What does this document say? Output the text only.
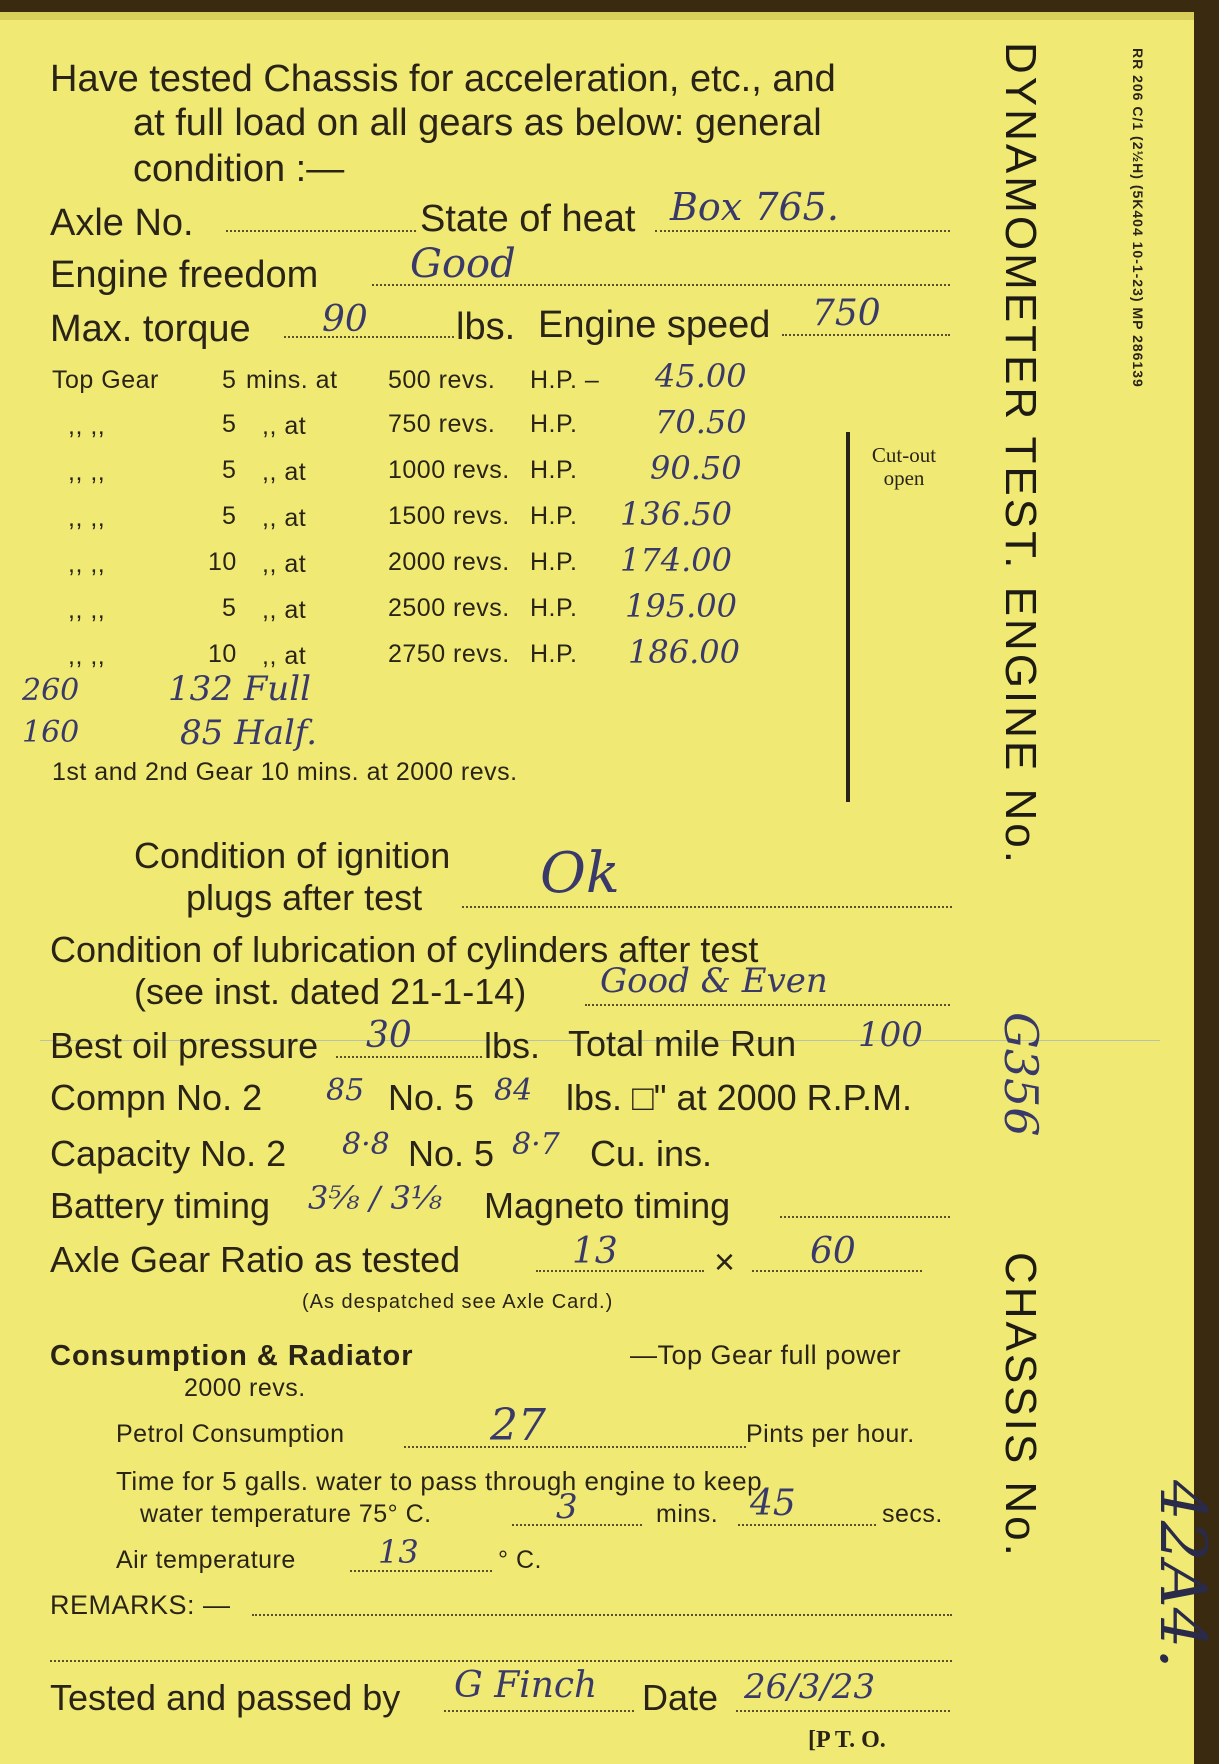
Have tested Chassis for acceleration, etc., and
at full load on all gears as below: general
condition :—
Axle No.	State of heat Box 765.
Engine freedom Good
Max. torque 90 lbs. Engine speed 750
Top Gear	5 mins. at 500 revs. H.P. – 45.00
,, ,,	5 ,, at	750 revs. H.P. 70.50
,, ,,	5 ,, at	1000 revs. H.P. 90.50
,, ,,	5 ,, at	1500 revs. H.P. 136.50
,, ,,	10 ,, at	2000 revs. H.P. 174.00
,, ,,	5 ,, at	2500 revs. H.P. 195.00
,, ,,	10 ,, at	2750 revs. H.P. 186.00
Cut-out
open
260	132 Full
160	85 Half.
1st and 2nd Gear 10 mins. at 2000 revs.
Condition of ignition
plugs after test Ok
Condition of lubrication of cylinders after test
(see inst. dated 21-1-14) Good & Even
Best oil pressure 30 lbs. Total mile Run 100
Compn No. 2 85 No. 5 84 lbs. □" at 2000 R.P.M.
Capacity No. 2 8·8 No. 5 8·7 Cu. ins.
Battery timing 3⅝ / 3⅛ Magneto timing
Axle Gear Ratio as tested	13	× 60
(As despatched see Axle Card.)
Consumption & Radiator	—Top Gear full power
2000 revs.
Petrol Consumption	27	Pints per hour.
Time for 5 galls. water to pass through engine to keep
water temperature 75° C.	3	mins. 45	secs.
Air temperature	13	° C.
REMARKS: —
Tested and passed by G Finch Date 26/3/23
[P T. O.
DYNAMOMETER TEST. ENGINE No.
G356
CHASSIS No.
42A4.
RR 206 C/1 (2½H) (5K404 10-1-23) MP 286139
